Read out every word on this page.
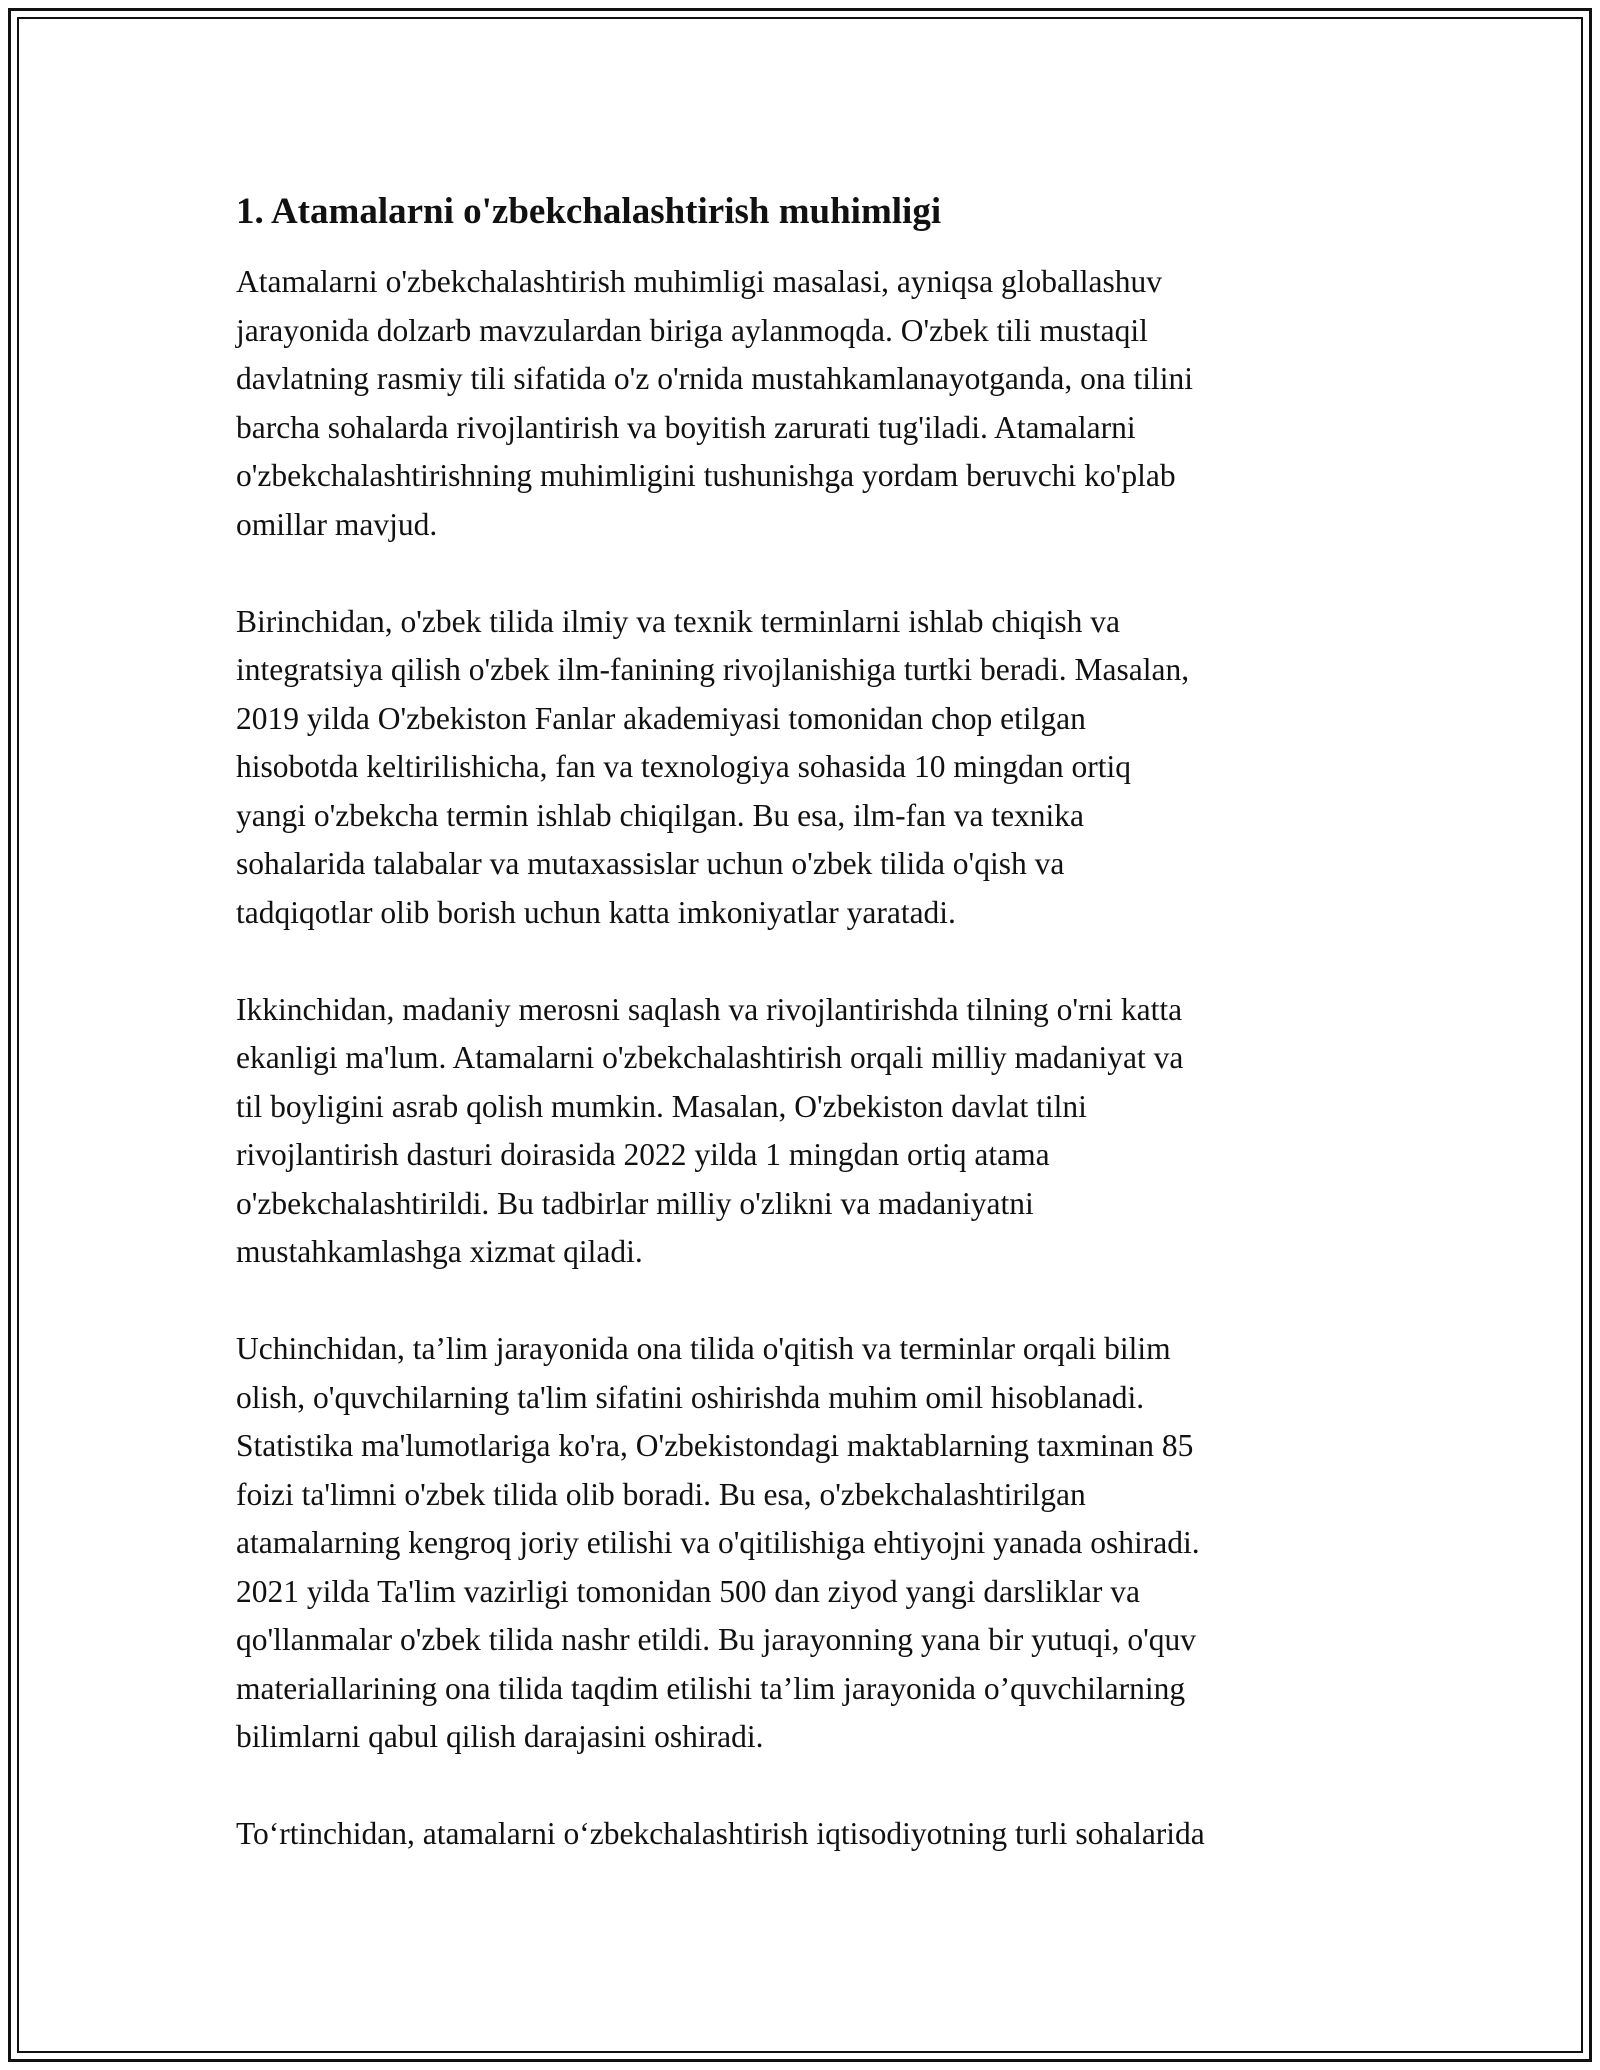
1. Atamalarni o'zbekchalashtirish muhimligi

Atamalarni o'zbekchalashtirish muhimligi masalasi, ayniqsa globallashuv
jarayonida dolzarb mavzulardan biriga aylanmoqda. O'zbek tili mustaqil
davlatning rasmiy tili sifatida o'z o'rnida mustahkamlanayotganda, ona tilini
barcha sohalarda rivojlantirish va boyitish zarurati tug'iladi. Atamalarni
o'zbekchalashtirishning muhimligini tushunishga yordam beruvchi ko'plab
omillar mavjud.

Birinchidan, o'zbek tilida ilmiy va texnik terminlarni ishlab chiqish va
integratsiya qilish o'zbek ilm-fanining rivojlanishiga turtki beradi. Masalan,
2019 yilda O'zbekiston Fanlar akademiyasi tomonidan chop etilgan
hisobotda keltirilishicha, fan va texnologiya sohasida 10 mingdan ortiq
yangi o'zbekcha termin ishlab chiqilgan. Bu esa, ilm-fan va texnika
sohalarida talabalar va mutaxassislar uchun o'zbek tilida o'qish va
tadqiqotlar olib borish uchun katta imkoniyatlar yaratadi.

Ikkinchidan, madaniy merosni saqlash va rivojlantirishda tilning o'rni katta
ekanligi ma'lum. Atamalarni o'zbekchalashtirish orqali milliy madaniyat va
til boyligini asrab qolish mumkin. Masalan, O'zbekiston davlat tilni
rivojlantirish dasturi doirasida 2022 yilda 1 mingdan ortiq atama
o'zbekchalashtirildi. Bu tadbirlar milliy o'zlikni va madaniyatni
mustahkamlashga xizmat qiladi.

Uchinchidan, ta’lim jarayonida ona tilida o'qitish va terminlar orqali bilim
olish, o'quvchilarning ta'lim sifatini oshirishda muhim omil hisoblanadi.
Statistika ma'lumotlariga ko'ra, O'zbekistondagi maktablarning taxminan 85
foizi ta'limni o'zbek tilida olib boradi. Bu esa, o'zbekchalashtirilgan
atamalarning kengroq joriy etilishi va o'qitilishiga ehtiyojni yanada oshiradi.
2021 yilda Ta'lim vazirligi tomonidan 500 dan ziyod yangi darsliklar va
qo'llanmalar o'zbek tilida nashr etildi. Bu jarayonning yana bir yutuqi, o'quv
materiallarining ona tilida taqdim etilishi ta’lim jarayonida o’quvchilarning
bilimlarni qabul qilish darajasini oshiradi.

To‘rtinchidan, atamalarni o‘zbekchalashtirish iqtisodiyotning turli sohalarida
